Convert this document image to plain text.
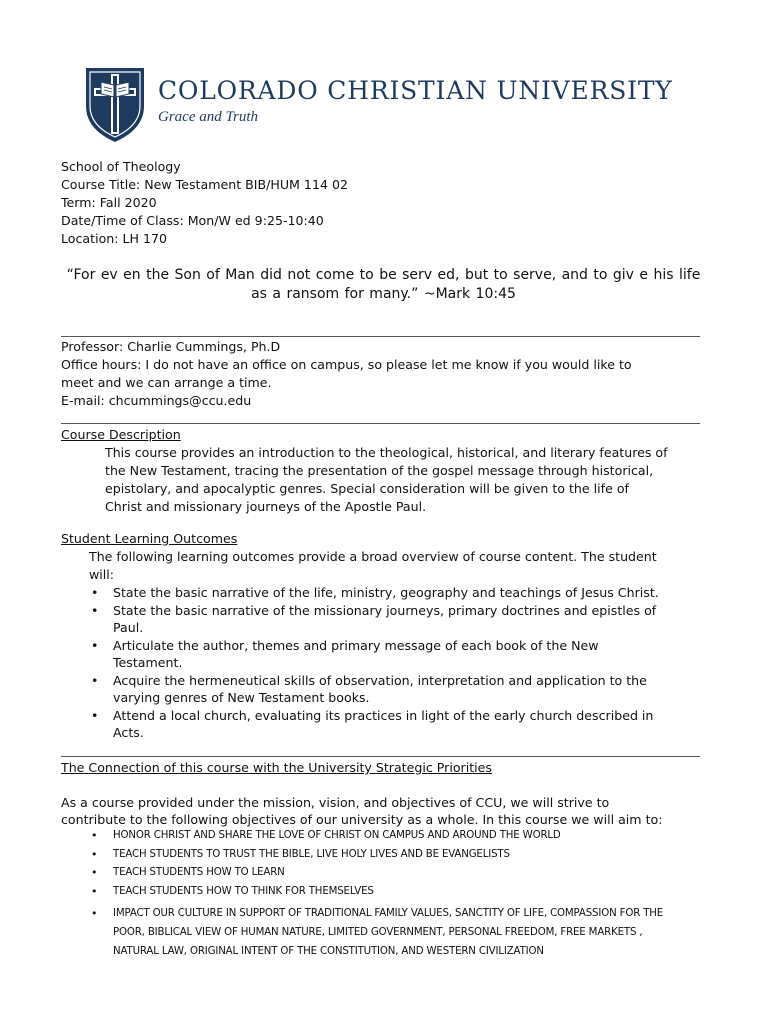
COLORADO CHRISTIAN UNIVERSITY
Grace and Truth
School of Theology
Course Title: New Testament BIB/HUM 114 02
Term: Fall 2020
Date/Time of Class: Mon/W ed 9:25-10:40
Location: LH 170
“For ev en the Son of Man did not come to be serv ed, but to serve, and to giv e his life
as a ransom for many.” ~Mark 10:45
Professor: Charlie Cummings, Ph.D
Office hours: I do not have an office on campus, so please let me know if you would like to
meet and we can arrange a time.
E-mail: chcummings@ccu.edu
Course Description
This course provides an introduction to the theological, historical, and literary features of
the New Testament, tracing the presentation of the gospel message through historical,
epistolary, and apocalyptic genres. Special consideration will be given to the life of
Christ and missionary journeys of the Apostle Paul.
Student Learning Outcomes
The following learning outcomes provide a broad overview of course content. The student
will:
• State the basic narrative of the life, ministry, geography and teachings of Jesus Christ.
• State the basic narrative of the missionary journeys, primary doctrines and epistles of
Paul.
• Articulate the author, themes and primary message of each book of the New
Testament.
• Acquire the hermeneutical skills of observation, interpretation and application to the
varying genres of New Testament books.
• Attend a local church, evaluating its practices in light of the early church described in
Acts.
The Connection of this course with the University Strategic Priorities
As a course provided under the mission, vision, and objectives of CCU, we will strive to
contribute to the following objectives of our university as a whole. In this course we will aim to:
• HONOR CHRIST AND SHARE THE LOVE OF CHRIST ON CAMPUS AND AROUND THE WORLD
• TEACH STUDENTS TO TRUST THE BIBLE, LIVE HOLY LIVES AND BE EVANGELISTS
• TEACH STUDENTS HOW TO LEARN
• TEACH STUDENTS HOW TO THINK FOR THEMSELVES
• IMPACT OUR CULTURE IN SUPPORT OF TRADITIONAL FAMILY VALUES, SANCTITY OF LIFE, COMPASSION FOR THE
POOR, BIBLICAL VIEW OF HUMAN NATURE, LIMITED GOVERNMENT, PERSONAL FREEDOM, FREE MARKETS ,
NATURAL LAW, ORIGINAL INTENT OF THE CONSTITUTION, AND WESTERN CIVILIZATION
